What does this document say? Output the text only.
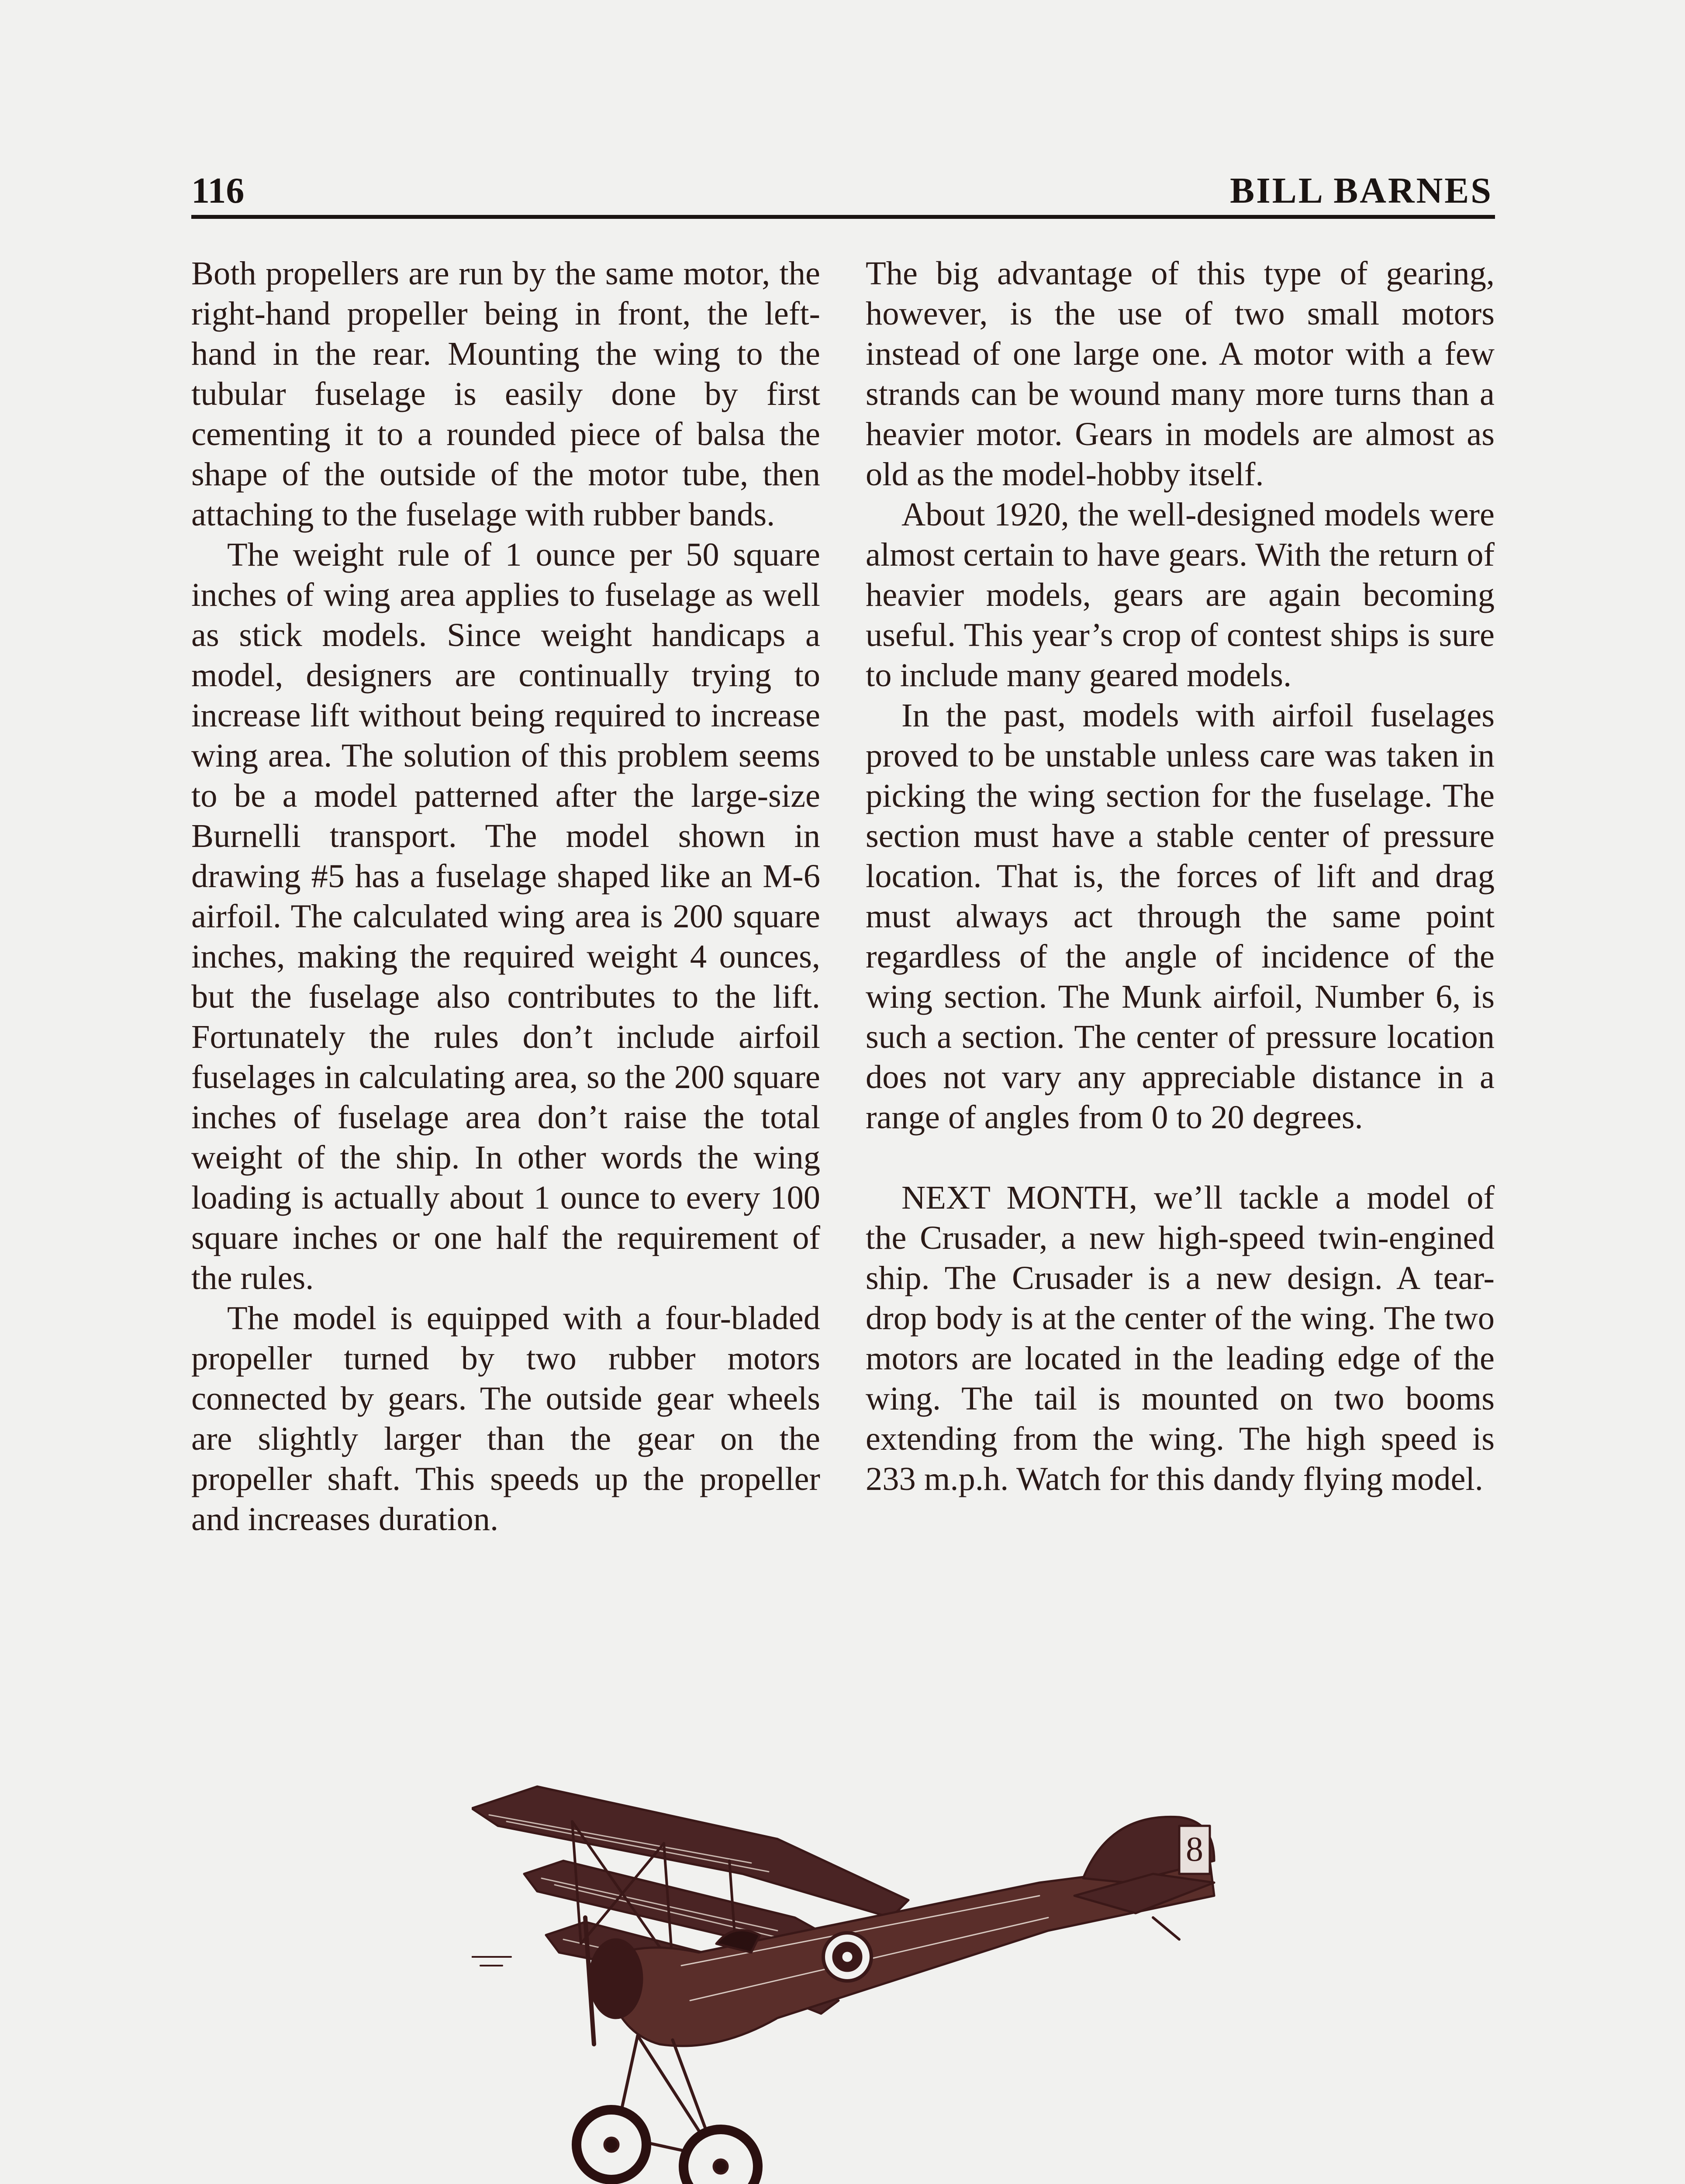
116	BILL BARNES

Both propellers are run by the same motor, the right-hand propeller being in front, the left-hand in the rear. Mounting the wing to the tubular fuselage is easily done by first cementing it to a rounded piece of balsa the shape of the outside of the motor tube, then attaching to the fuselage with rubber bands.

The weight rule of 1 ounce per 50 square inches of wing area applies to fuselage as well as stick models. Since weight handicaps a model, designers are continually trying to increase lift without being required to increase wing area. The solution of this problem seems to be a model patterned after the large-size Burnelli transport. The model shown in drawing #5 has a fuselage shaped like an M-6 airfoil. The calculated wing area is 200 square inches, making the required weight 4 ounces, but the fuselage also contributes to the lift. Fortunately the rules don’t include airfoil fuselages in calculating area, so the 200 square inches of fuselage area don’t raise the total weight of the ship. In other words the wing loading is actually about 1 ounce to every 100 square inches or one half the requirement of the rules.

The model is equipped with a four-bladed propeller turned by two rubber motors connected by gears. The outside gear wheels are slightly larger than the gear on the propeller shaft. This speeds up the propeller and increases duration.

The big advantage of this type of gearing, however, is the use of two small motors instead of one large one. A motor with a few strands can be wound many more turns than a heavier motor. Gears in models are almost as old as the model-hobby itself.

About 1920, the well-designed models were almost certain to have gears. With the return of heavier models, gears are again becoming useful. This year’s crop of contest ships is sure to include many geared models.

In the past, models with airfoil fuselages proved to be unstable unless care was taken in picking the wing section for the fuselage. The section must have a stable center of pressure location. That is, the forces of lift and drag must always act through the same point regardless of the angle of incidence of the wing section. The Munk airfoil, Number 6, is such a section. The center of pressure location does not vary any appreciable distance in a range of angles from 0 to 20 degrees.

NEXT MONTH, we’ll tackle a model of the Crusader, a new high-speed twin-engined ship. The Crusader is a new design. A tear-drop body is at the center of the wing. The two motors are located in the leading edge of the wing. The tail is mounted on two booms extending from the wing. The high speed is 233 m.p.h. Watch for this dandy flying model.

8
